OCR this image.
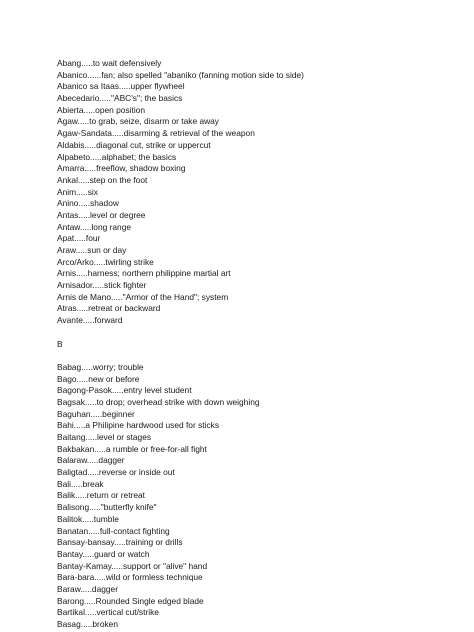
Abang.....to wait defensively
Abanico......fan; also spelled "abaniko (fanning motion side to side)
Abanico sa Itaas.....upper flywheel
Abecedario....."ABC's"; the basics
Abierta.....open position
Agaw.....to grab, seize, disarm or take away
Agaw-Sandata.....disarming & retrieval of the weapon
Aldabis.....diagonal cut, strike or uppercut
Alpabeto.....alphabet; the basics
Amarra.....freeflow, shadow boxing
Ankal.....step on the foot
Anim.....six
Anino.....shadow
Antas.....level or degree
Antaw.....long range
Apat.....four
Araw.....sun or day
Arco/Arko.....twirling strike
Arnis.....harness; northern philippine martial art
Arnisador.....stick fighter
Arnis de Mano....."Armor of the Hand"; system
Atras.....retreat or backward
Avante.....forward
B
Babag.....worry; trouble
Bago.....new or before
Bagong-Pasok.....entry level student
Bagsak.....to drop; overhead strike with down weighing
Baguhan.....beginner
Bahi.....a Philipine hardwood used for sticks
Baitang.....level or stages
Bakbakan.....a rumble or free-for-all fight
Balaraw.....dagger
Baligtad.....reverse or inside out
Bali.....break
Balik.....return or retreat
Balisong....."butterfly knife"
Balitok.....tumble
Banatan.....full-contact fighting
Bansay-bansay.....training or drills
Bantay.....guard or watch
Bantay-Kamay.....support or "alive" hand
Bara-bara.....wild or formless technique
Baraw.....dagger
Barong.....Rounded Single edged blade
Bartikal.....vertical cut/strike
Basag.....broken
